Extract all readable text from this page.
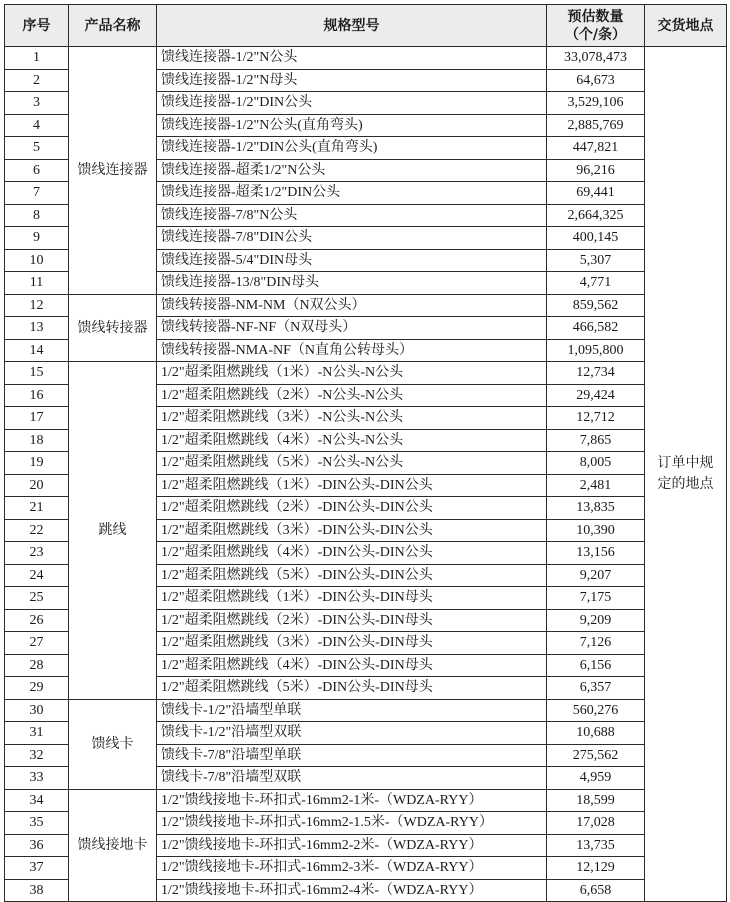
序号	产品名称	规格型号	预估数量
（个/条）	交货地点
1	馈线连接器	馈线连接器-1/2"N公头	33,078,473	订单中规定的地点
2		馈线连接器-1/2"N母头	64,673	
3		馈线连接器-1/2"DIN公头	3,529,106	
4		馈线连接器-1/2"N公头(直角弯头)	2,885,769	
5		馈线连接器-1/2"DIN公头(直角弯头)	447,821	
6		馈线连接器-超柔1/2"N公头	96,216	
7		馈线连接器-超柔1/2"DIN公头	69,441	
8		馈线连接器-7/8"N公头	2,664,325	
9		馈线连接器-7/8"DIN公头	400,145	
10		馈线连接器-5/4"DIN母头	5,307	
11		馈线连接器-13/8"DIN母头	4,771	
12	馈线转接器	馈线转接器-NM-NM（N双公头）	859,562	
13		馈线转接器-NF-NF（N双母头）	466,582	
14		馈线转接器-NMA-NF（N直角公转母头）	1,095,800	
15	跳线	1/2"超柔阻燃跳线（1米）-N公头-N公头	12,734	
16		1/2"超柔阻燃跳线（2米）-N公头-N公头	29,424	
17		1/2"超柔阻燃跳线（3米）-N公头-N公头	12,712	
18		1/2"超柔阻燃跳线（4米）-N公头-N公头	7,865	
19		1/2"超柔阻燃跳线（5米）-N公头-N公头	8,005	
20		1/2"超柔阻燃跳线（1米）-DIN公头-DIN公头	2,481	
21		1/2"超柔阻燃跳线（2米）-DIN公头-DIN公头	13,835	
22		1/2"超柔阻燃跳线（3米）-DIN公头-DIN公头	10,390	
23		1/2"超柔阻燃跳线（4米）-DIN公头-DIN公头	13,156	
24		1/2"超柔阻燃跳线（5米）-DIN公头-DIN公头	9,207	
25		1/2"超柔阻燃跳线（1米）-DIN公头-DIN母头	7,175	
26		1/2"超柔阻燃跳线（2米）-DIN公头-DIN母头	9,209	
27		1/2"超柔阻燃跳线（3米）-DIN公头-DIN母头	7,126	
28		1/2"超柔阻燃跳线（4米）-DIN公头-DIN母头	6,156	
29		1/2"超柔阻燃跳线（5米）-DIN公头-DIN母头	6,357	
30	馈线卡	馈线卡-1/2"沿墙型单联	560,276	
31		馈线卡-1/2"沿墙型双联	10,688	
32		馈线卡-7/8"沿墙型单联	275,562	
33		馈线卡-7/8"沿墙型双联	4,959	
34	馈线接地卡	1/2"馈线接地卡-环扣式-16mm2-1米-（WDZA-RYY）	18,599	
35		1/2"馈线接地卡-环扣式-16mm2-1.5米-（WDZA-RYY）	17,028	
36		1/2"馈线接地卡-环扣式-16mm2-2米-（WDZA-RYY）	13,735	
37		1/2"馈线接地卡-环扣式-16mm2-3米-（WDZA-RYY）	12,129	
38		1/2"馈线接地卡-环扣式-16mm2-4米-（WDZA-RYY）	6,658	
